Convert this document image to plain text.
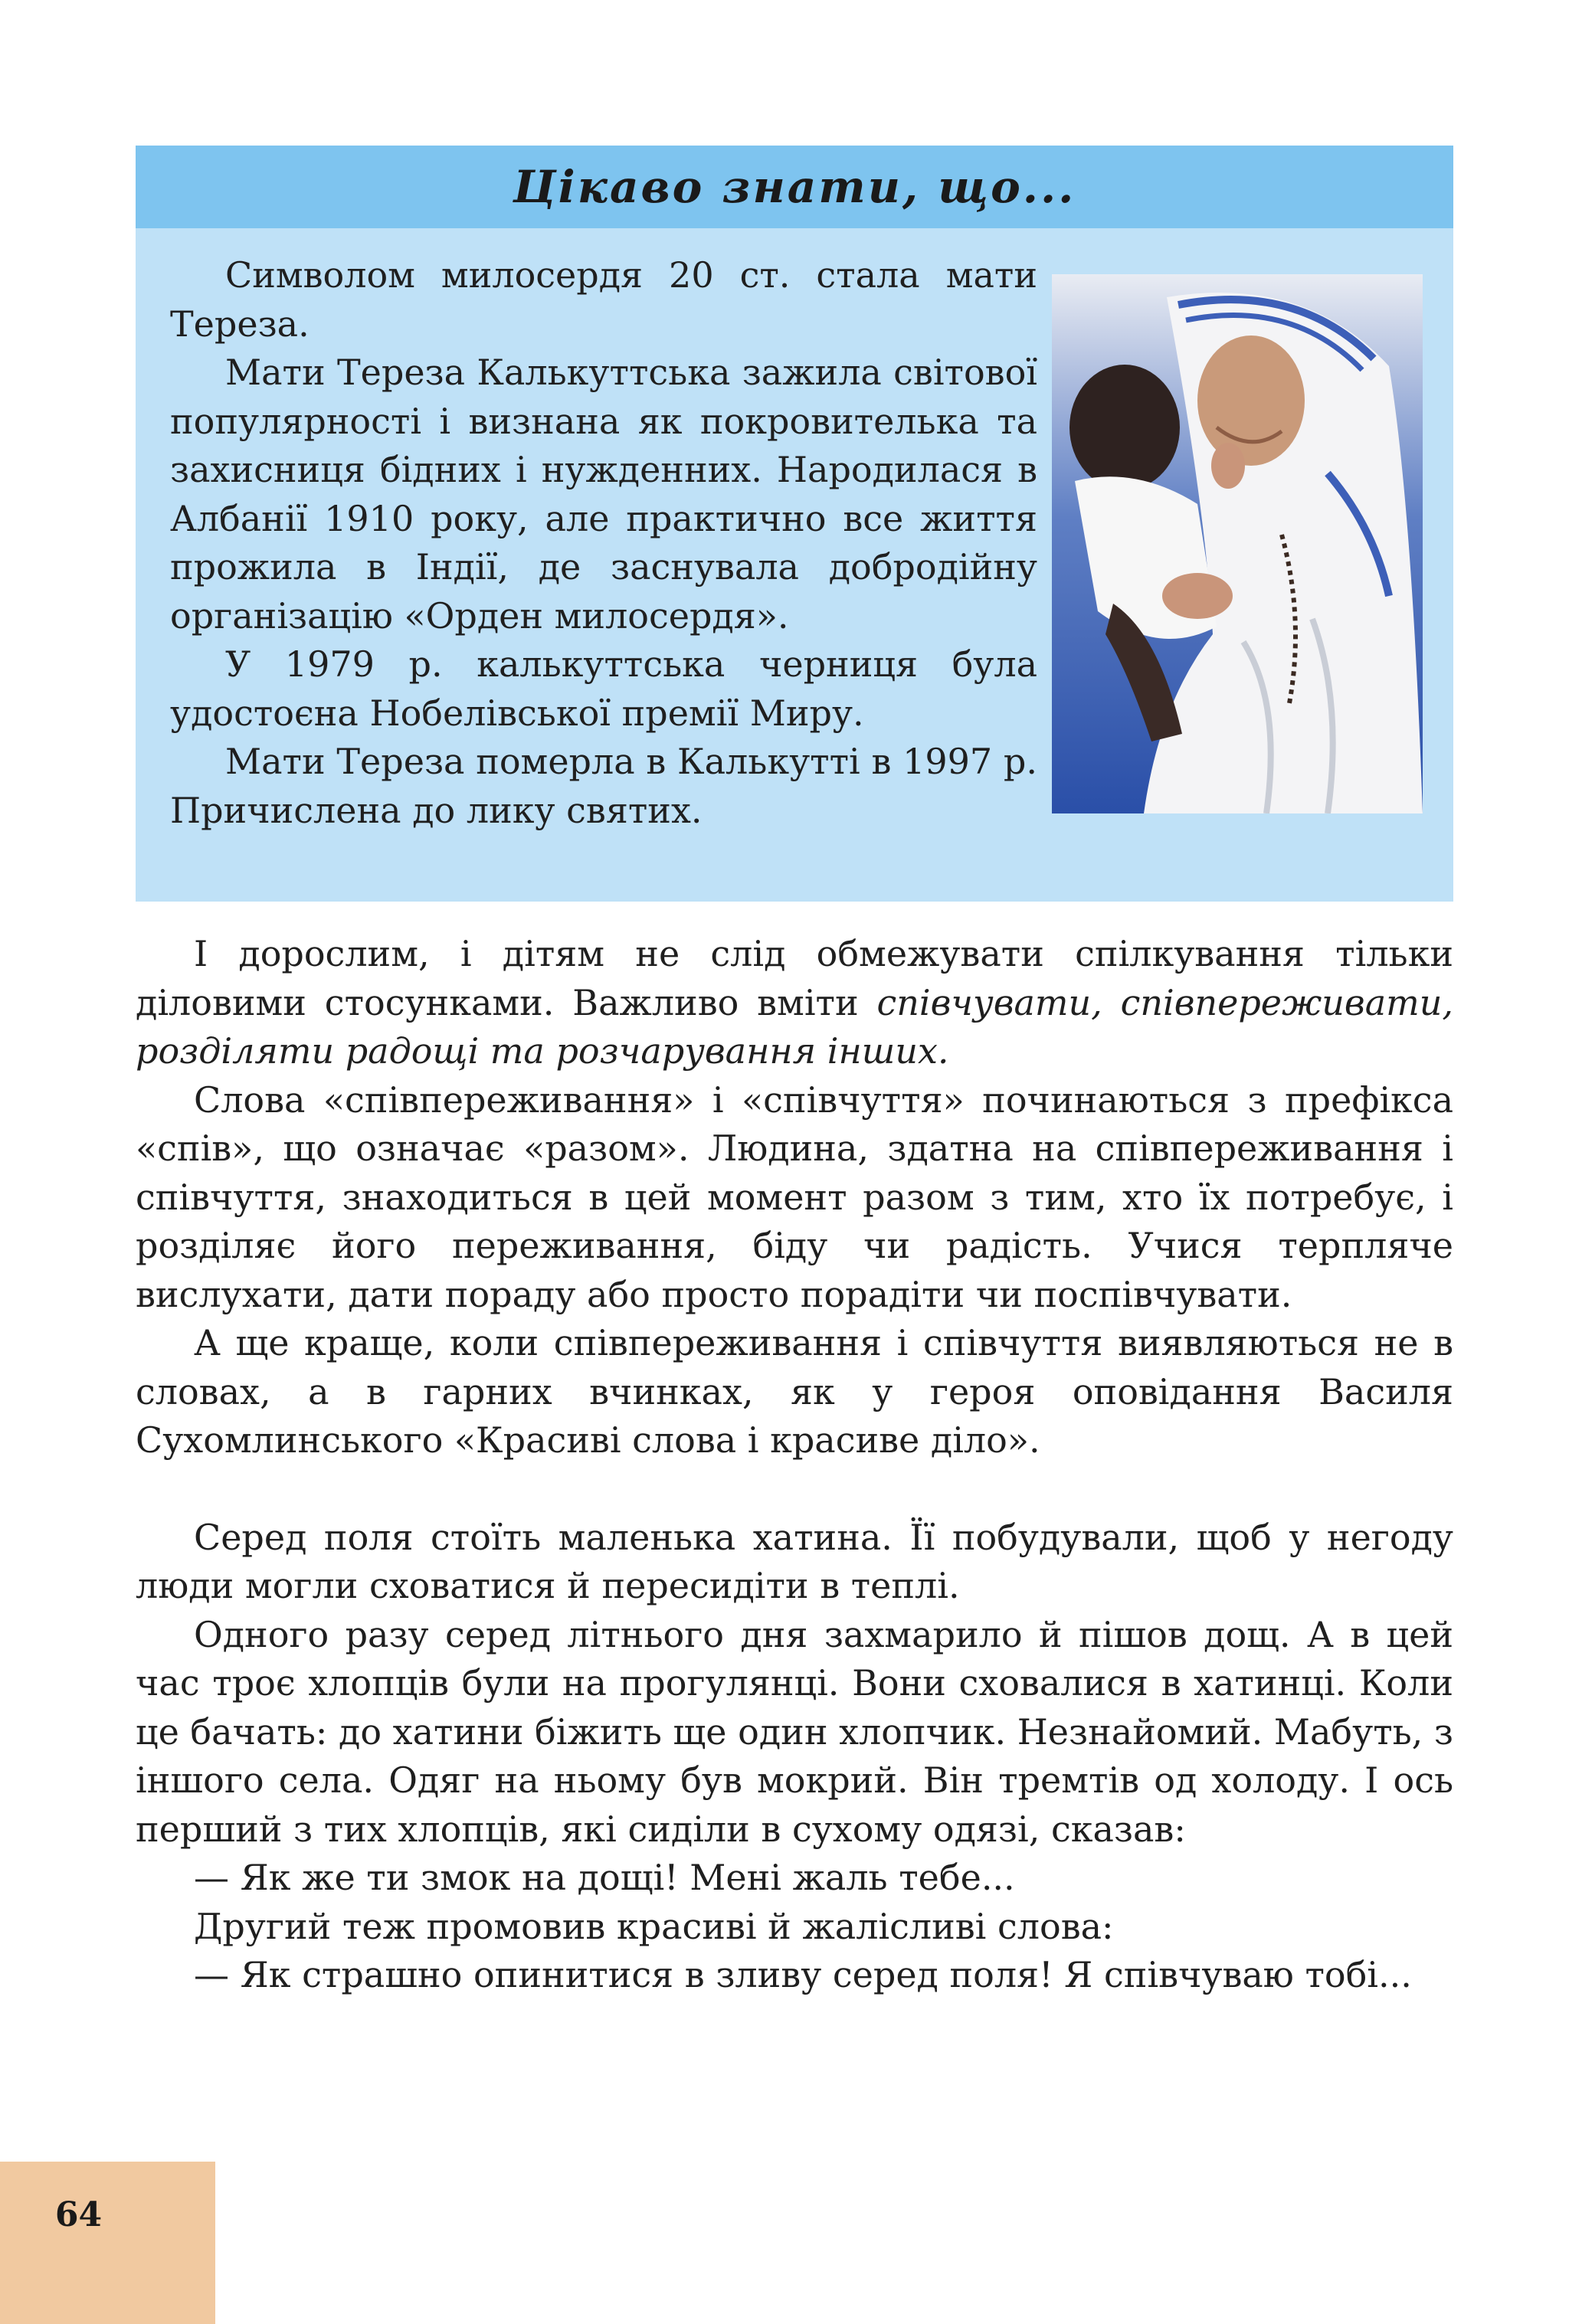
Цікаво знати, що...

Символом милосердя 20 ст. стала мати Тереза.

Мати Тереза Калькуттська зажила світової популярності і визнана як покровителька та захисниця бідних і нужденних. Народилася в Албанії 1910 року, але практично все життя прожила в Індії, де заснувала добродійну організацію «Орден милосердя».

У 1979 р. калькуттська черниця була удостоєна Нобелівської премії Миру.

Мати Тереза померла в Калькутті в 1997 р. Причислена до лику святих.

І дорослим, і дітям не слід обмежувати спілкування тільки діловими стосунками. Важливо вміти співчувати, співпереживати, розділяти радощі та розчарування інших.

Слова «співпереживання» і «співчуття» починаються з префікса «спів», що означає «разом». Людина, здатна на співпереживання і співчуття, знаходиться в цей момент разом з тим, хто їх потребує, і розділяє його переживання, біду чи радість. Учися терпляче вислухати, дати пораду або просто порадіти чи поспівчувати.

А ще краще, коли співпереживання і співчуття виявляються не в словах, а в гарних вчинках, як у героя оповідання Василя Сухомлинського «Красиві слова і красиве діло».

Серед поля стоїть маленька хатина. Її побудували, щоб у негоду люди могли сховатися й пересидіти в теплі.

Одного разу серед літнього дня захмарило й пішов дощ. А в цей час троє хлопців були на прогулянці. Вони сховалися в хатинці. Коли це бачать: до хатини біжить ще один хлопчик. Незнайомий. Мабуть, з іншого села. Одяг на ньому був мокрий. Він тремтів од холоду. І ось перший з тих хлопців, які сиділи в сухому одязі, сказав:

— Як же ти змок на дощі! Мені жаль тебе...

Другий теж промовив красиві й жалісливі слова:

— Як страшно опинитися в зливу серед поля! Я співчуваю тобі...

64
